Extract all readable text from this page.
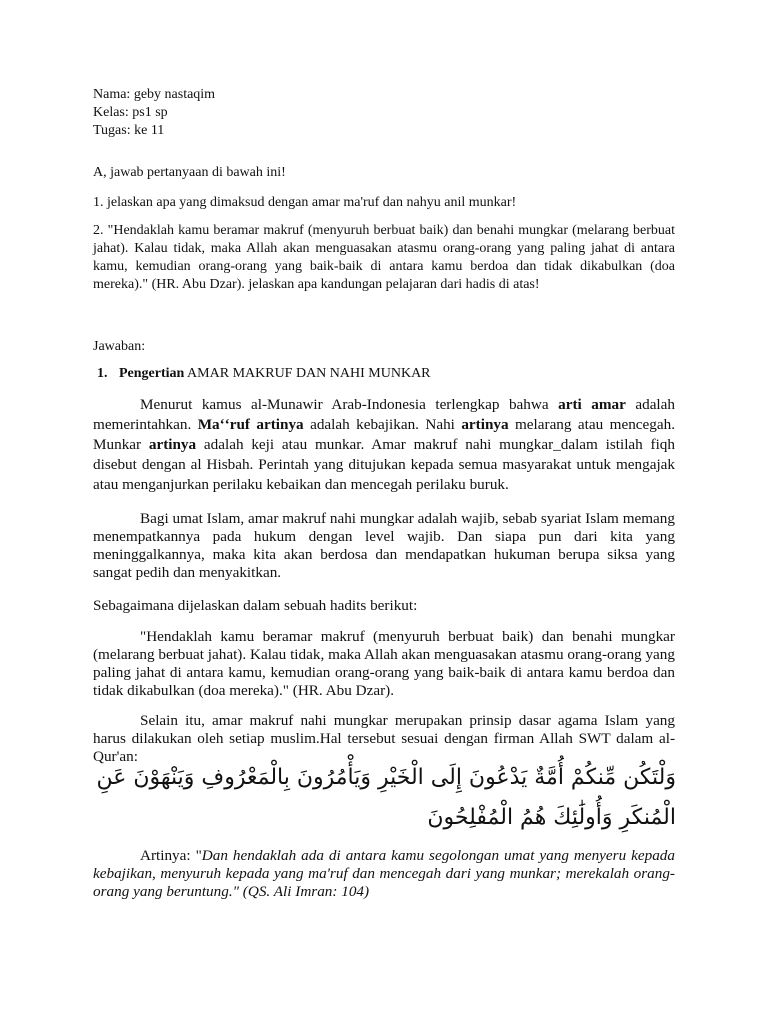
Nama: geby nastaqim
Kelas: ps1 sp
Tugas: ke 11

A, jawab pertanyaan di bawah ini!

1. jelaskan apa yang dimaksud dengan amar ma'ruf dan nahyu anil munkar!

2. "Hendaklah kamu beramar makruf (menyuruh berbuat baik) dan benahi mungkar (melarang berbuat jahat). Kalau tidak, maka Allah akan menguasakan atasmu orang-orang yang paling jahat di antara kamu, kemudian orang-orang yang baik-baik di antara kamu berdoa dan tidak dikabulkan (doa mereka)." (HR. Abu Dzar). jelaskan apa kandungan pelajaran dari hadis di atas!

Jawaban:

1. Pengertian AMAR MAKRUF DAN NAHI MUNKAR

Menurut kamus al-Munawir Arab-Indonesia terlengkap bahwa arti amar adalah memerintahkan. Maʻʻruf artinya adalah kebajikan. Nahi artinya melarang atau mencegah. Munkar artinya adalah keji atau munkar. Amar makruf nahi mungkar_dalam istilah fiqh disebut dengan al Hisbah. Perintah yang ditujukan kepada semua masyarakat untuk mengajak atau menganjurkan perilaku kebaikan dan mencegah perilaku buruk.

Bagi umat Islam, amar makruf nahi mungkar adalah wajib, sebab syariat Islam memang menempatkannya pada hukum dengan level wajib. Dan siapa pun dari kita yang meninggalkannya, maka kita akan berdosa dan mendapatkan hukuman berupa siksa yang sangat pedih dan menyakitkan.

Sebagaimana dijelaskan dalam sebuah hadits berikut:

"Hendaklah kamu beramar makruf (menyuruh berbuat baik) dan benahi mungkar (melarang berbuat jahat). Kalau tidak, maka Allah akan menguasakan atasmu orang-orang yang paling jahat di antara kamu, kemudian orang-orang yang baik-baik di antara kamu berdoa dan tidak dikabulkan (doa mereka)." (HR. Abu Dzar).

Selain itu, amar makruf nahi mungkar merupakan prinsip dasar agama Islam yang harus dilakukan oleh setiap muslim.Hal tersebut sesuai dengan firman Allah SWT dalam al-Qur'an:

وَلْتَكُن مِّنكُمْ أُمَّةٌ يَدْعُونَ إِلَى الْخَيْرِ وَيَأْمُرُونَ بِالْمَعْرُوفِ وَيَنْهَوْنَ عَنِ الْمُنكَرِ وَأُولَٰئِكَ هُمُ الْمُفْلِحُونَ

Artinya: "Dan hendaklah ada di antara kamu segolongan umat yang menyeru kepada kebajikan, menyuruh kepada yang ma'ruf dan mencegah dari yang munkar; merekalah orang-orang yang beruntung." (QS. Ali Imran: 104)
